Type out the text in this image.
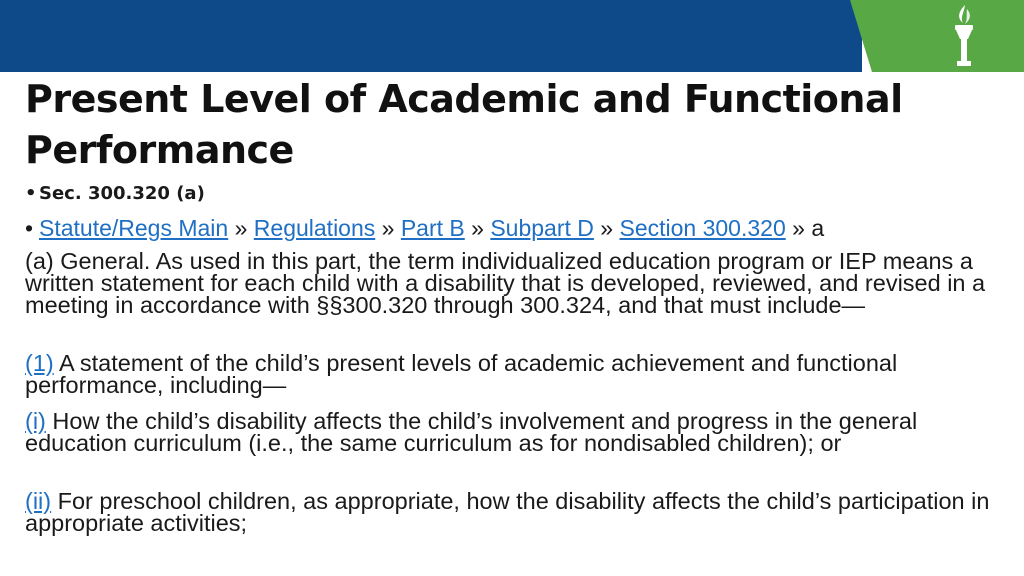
Present Level of Academic and Functional Performance
• Sec. 300.320 (a)
• Statute/Regs Main » Regulations » Part B » Subpart D » Section 300.320 » a

(a) General. As used in this part, the term individualized education program or IEP means a written statement for each child with a disability that is developed, reviewed, and revised in a meeting in accordance with §§300.320 through 300.324, and that must include—

(1) A statement of the child’s present levels of academic achievement and functional performance, including—

(i) How the child’s disability affects the child’s involvement and progress in the general education curriculum (i.e., the same curriculum as for nondisabled children); or

(ii) For preschool children, as appropriate, how the disability affects the child’s participation in appropriate activities;
